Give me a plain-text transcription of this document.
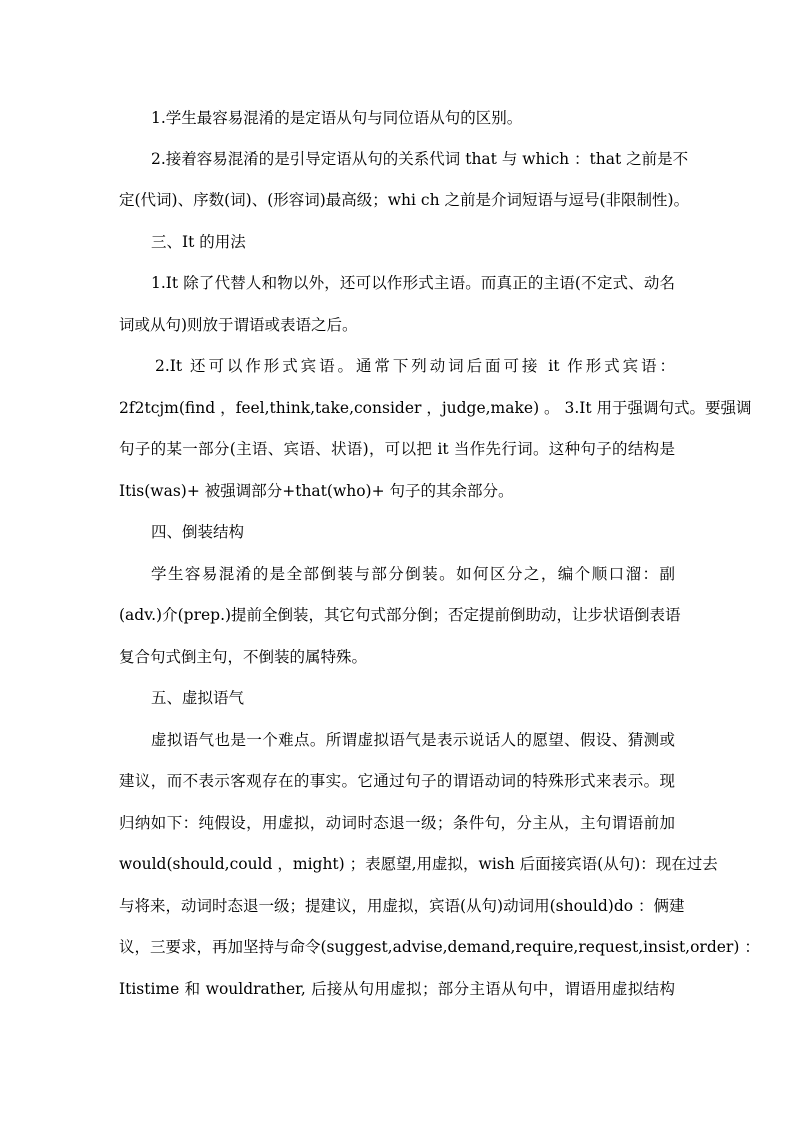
1.学生最容易混淆的是定语从句与同位语从句的区别。
2.接着容易混淆的是引导定语从句的关系代词 that 与 which ：that 之前是不
定(代词)、序数(词)、(形容词)最高级；whi ch 之前是介词短语与逗号(非限制性)。
三、It 的用法
1.It 除了代替人和物以外，还可以作形式主语。而真正的主语(不定式、动名
词或从句)则放于谓语或表语之后。
2.It 还可以作形式宾语。通常下列动词后面可接 it 作形式宾语：
2f2tcjm(find ，feel,think,take,consider ，judge,make) 。 3.It 用于强调句式。要强调
句子的某一部分(主语、宾语、状语)，可以把 it 当作先行词。这种句子的结构是
Itis(was)+ 被强调部分+that(who)+ 句子的其余部分。
四、倒装结构
学生容易混淆的是全部倒装与部分倒装。如何区分之，编个顺口溜：副
(adv.)介(prep.)提前全倒装，其它句式部分倒；否定提前倒助动，让步状语倒表语
复合句式倒主句，不倒装的属特殊。
五、虚拟语气
虚拟语气也是一个难点。所谓虚拟语气是表示说话人的愿望、假设、猜测或
建议，而不表示客观存在的事实。它通过句子的谓语动词的特殊形式来表示。现
归纳如下：纯假设，用虚拟，动词时态退一级；条件句，分主从，主句谓语前加
would(should,could ，might) ；表愿望,用虚拟，wish 后面接宾语(从句)：现在过去
与将来，动词时态退一级；提建议，用虚拟，宾语(从句)动词用(should)do ：俩建
议，三要求，再加坚持与命令(suggest,advise,demand,require,request,insist,order) ：
Itistime 和 wouldrather, 后接从句用虚拟；部分主语从句中，谓语用虚拟结构
